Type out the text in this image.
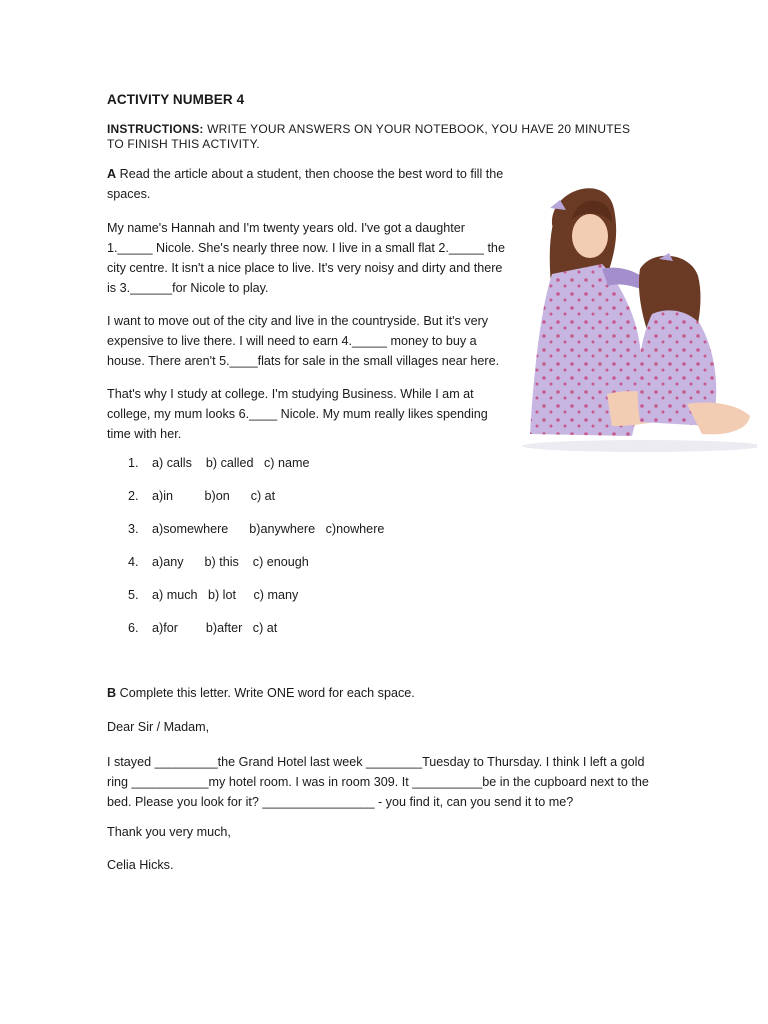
ACTIVITY NUMBER 4

INSTRUCTIONS: WRITE YOUR ANSWERS ON YOUR NOTEBOOK, YOU HAVE 20 MINUTES TO FINISH THIS ACTIVITY.

A Read the article about a student, then choose the best word to fill the spaces.

My name's Hannah and I'm twenty years old. I've got a daughter 1._____ Nicole. She's nearly three now. I live in a small flat 2._____ the city centre. It isn't a nice place to live. It's very noisy and dirty and there is 3.______for Nicole to play.

I want to move out of the city and live in the countryside. But it's very expensive to live there. I will need to earn 4._____ money to buy a house. There aren't 5.____flats for sale in the small villages near here.

That's why I study at college. I'm studying Business. While I am at college, my mum looks 6.____ Nicole. My mum really likes spending time with her.

1. a) calls    b) called   c) name
2. a)in         b)on      c) at
3. a)somewhere      b)anywhere   c)nowhere
4. a)any      b) this    c) enough
5. a) much   b) lot     c) many
6. a)for        b)after   c) at

B Complete this letter. Write ONE word for each space.

Dear Sir / Madam,

I stayed _________the Grand Hotel last week ________Tuesday to Thursday. I think I left a gold ring ___________my hotel room. I was in room 309. It __________be in the cupboard next to the bed. Please you look for it? ________________ - you find it, can you send it to me?

Thank you very much,

Celia Hicks.
